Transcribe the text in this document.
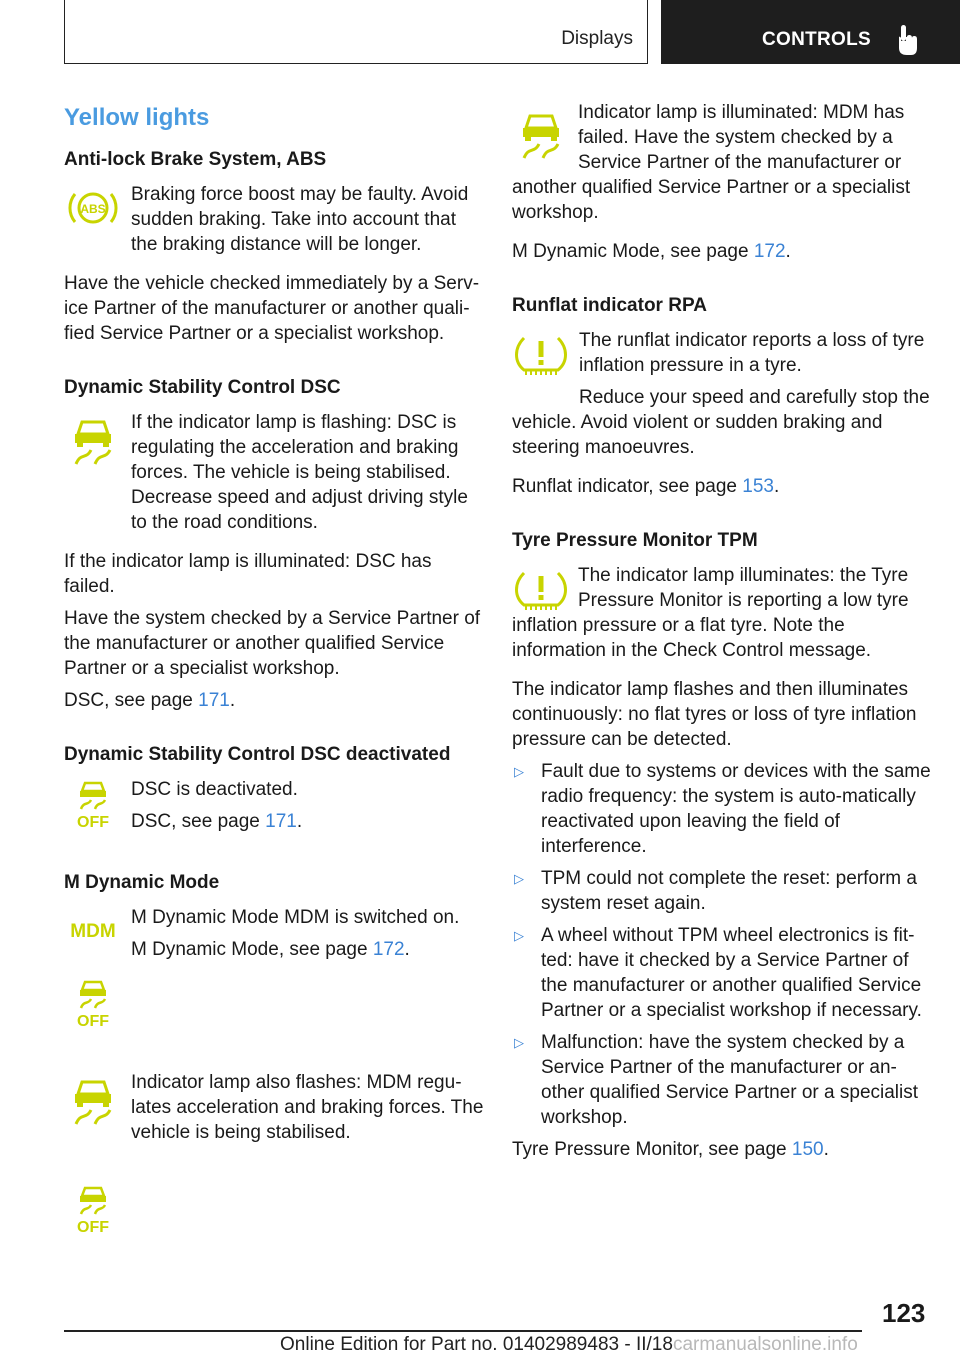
Displays	CONTROLS
Yellow lights
Anti-lock Brake System, ABS

Braking force boost may be faulty. Avoid sudden braking. Take into account that the braking distance will be longer.

Have the vehicle checked immediately by a Serv-ice Partner of the manufacturer or another quali-fied Service Partner or a specialist workshop.

Dynamic Stability Control DSC

If the indicator lamp is flashing: DSC is regulating the acceleration and braking forces. The vehicle is being stabilised. Decrease speed and adjust driving style to the road conditions.

If the indicator lamp is illuminated: DSC has failed.

Have the system checked by a Service Partner of the manufacturer or another qualified Service Partner or a specialist workshop.

DSC, see page 171.

Dynamic Stability Control DSC deactivated

DSC is deactivated.

DSC, see page 171.

M Dynamic Mode

M Dynamic Mode MDM is switched on.

M Dynamic Mode, see page 172.

Indicator lamp also flashes: MDM regu-lates acceleration and braking forces. The vehicle is being stabilised.

Indicator lamp is illuminated: MDM has failed. Have the system checked by a Service Partner of the manufacturer or another qualified Service Partner or a specialist workshop.

M Dynamic Mode, see page 172.

Runflat indicator RPA

The runflat indicator reports a loss of tyre inflation pressure in a tyre.

Reduce your speed and carefully stop the vehicle. Avoid violent or sudden braking and steering manoeuvres.

Runflat indicator, see page 153.

Tyre Pressure Monitor TPM

The indicator lamp illuminates: the Tyre Pressure Monitor is reporting a low tyre inflation pressure or a flat tyre. Note the information in the Check Control message.

The indicator lamp flashes and then illuminates continuously: no flat tyres or loss of tyre inflation pressure can be detected.

▷ Fault due to systems or devices with the same radio frequency: the system is auto-matically reactivated upon leaving the field of interference.
▷ TPM could not complete the reset: perform a system reset again.
▷ A wheel without TPM wheel electronics is fit-ted: have it checked by a Service Partner of the manufacturer or another qualified Service Partner or a specialist workshop if necessary.
▷ Malfunction: have the system checked by a Service Partner of the manufacturer or an-other qualified Service Partner or a specialist workshop.

Tyre Pressure Monitor, see page 150.

123
Online Edition for Part no. 01402989483 - II/18carmanualsonline.info
